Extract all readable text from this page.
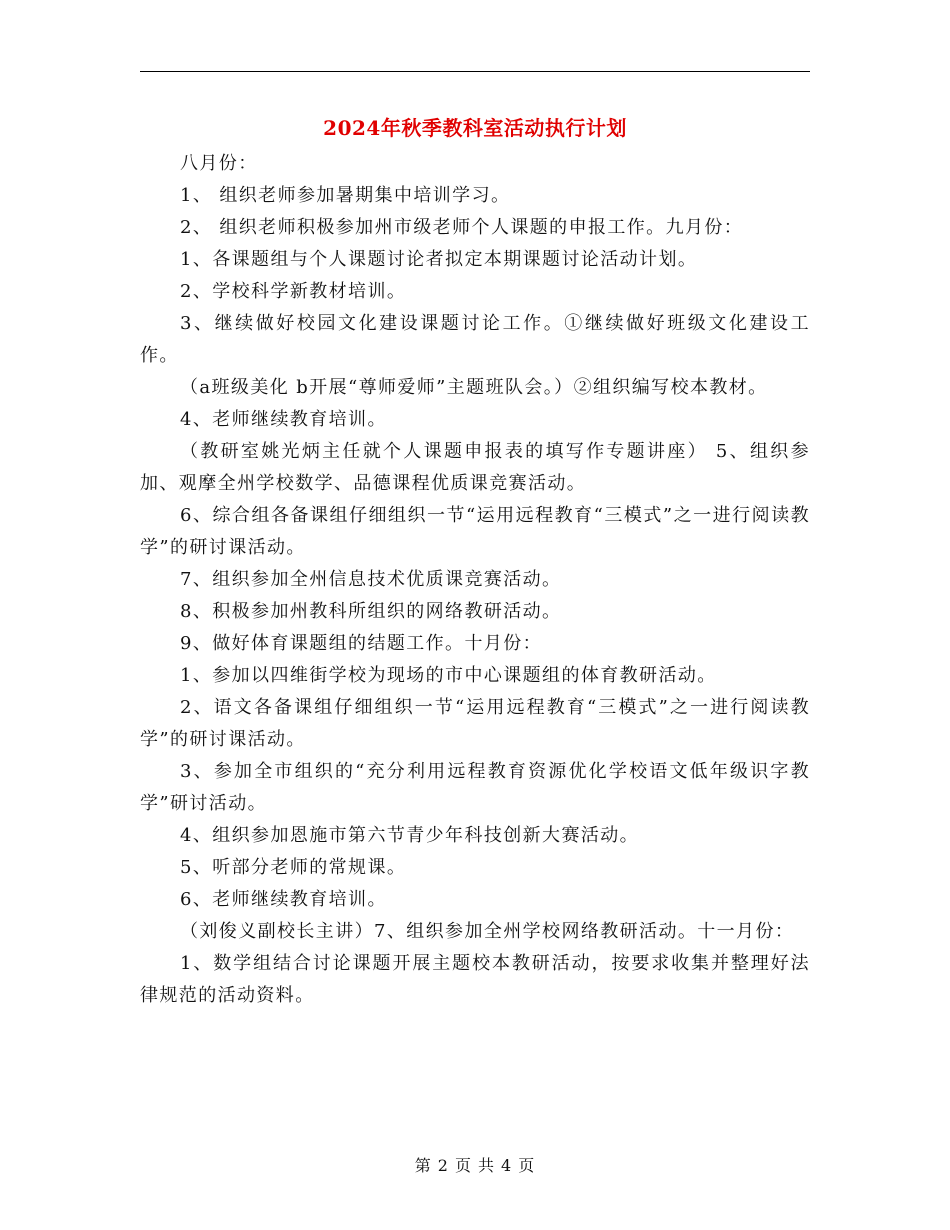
2024年秋季教科室活动执行计划

八月份：

1、 组织老师参加暑期集中培训学习。

2、 组织老师积极参加州市级老师个人课题的申报工作。九月份：

1、各课题组与个人课题讨论者拟定本期课题讨论活动计划。

2、学校科学新教材培训。

3、继续做好校园文化建设课题讨论工作。①继续做好班级文化建设工作。

（a班级美化 b开展“尊师爱师”主题班队会。）②组织编写校本教材。

4、老师继续教育培训。

（教研室姚光炳主任就个人课题申报表的填写作专题讲座） 5、组织参加、观摩全州学校数学、品德课程优质课竞赛活动。

6、综合组各备课组仔细组织一节“运用远程教育“三模式”之一进行阅读教学”的研讨课活动。

7、组织参加全州信息技术优质课竞赛活动。

8、积极参加州教科所组织的网络教研活动。

9、做好体育课题组的结题工作。十月份：

1、参加以四维街学校为现场的市中心课题组的体育教研活动。

2、语文各备课组仔细组织一节“运用远程教育“三模式”之一进行阅读教学”的研讨课活动。

3、参加全市组织的“充分利用远程教育资源优化学校语文低年级识字教学”研讨活动。

4、组织参加恩施市第六节青少年科技创新大赛活动。

5、听部分老师的常规课。

6、老师继续教育培训。

（刘俊义副校长主讲）7、组织参加全州学校网络教研活动。十一月份：

1、数学组结合讨论课题开展主题校本教研活动，按要求收集并整理好法律规范的活动资料。

第 2 页 共 4 页
